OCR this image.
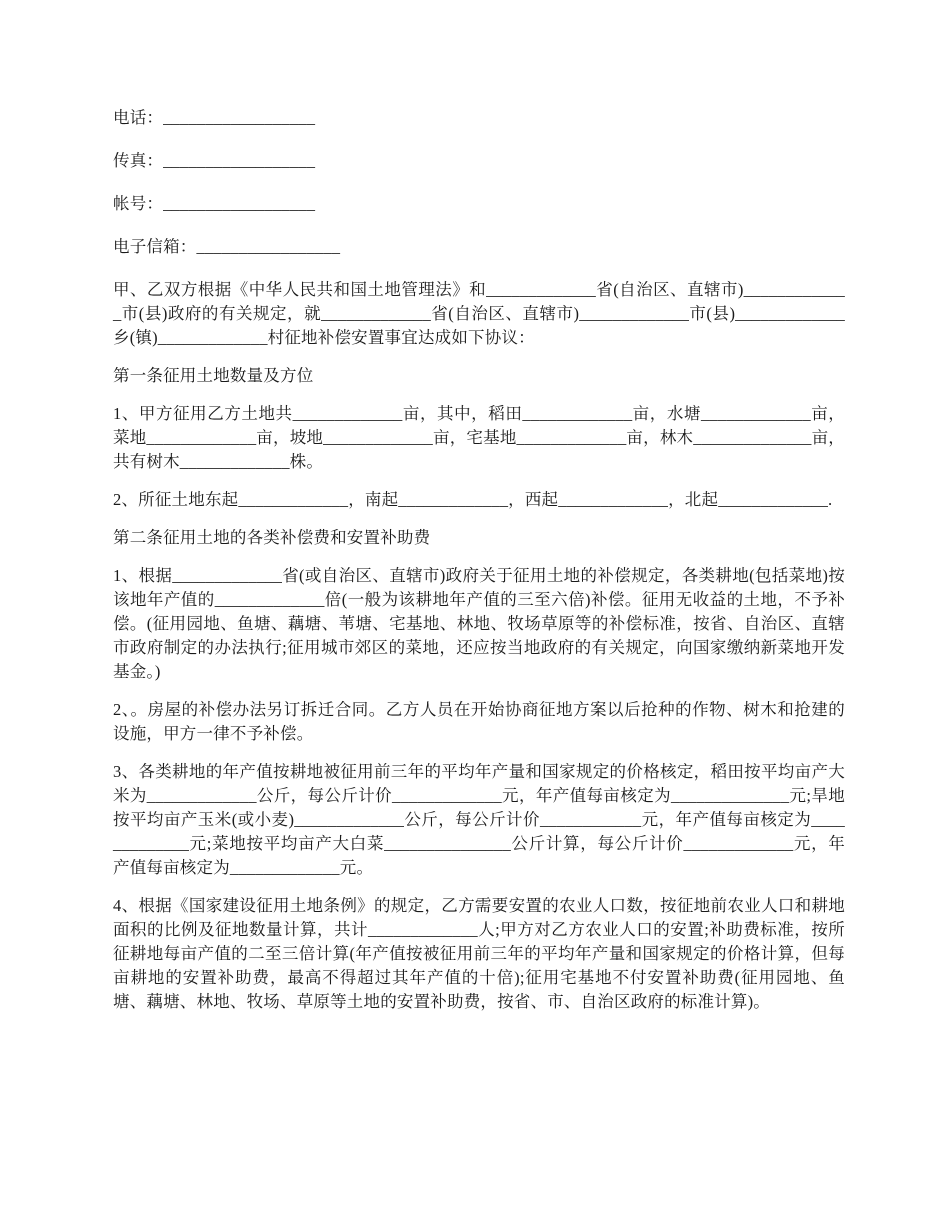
电话：__________________

传真：__________________

帐号：__________________

电子信箱：_________________

甲、乙双方根据《中华人民共和国土地管理法》和_____________省(自治区、直辖市)_____________市(县)政府的有关规定，就_____________省(自治区、直辖市)_____________市(县)_____________乡(镇)_____________村征地补偿安置事宜达成如下协议：

第一条征用土地数量及方位

1、甲方征用乙方土地共_____________亩，其中，稻田_____________亩，水塘_____________亩，菜地_____________亩，坡地_____________亩，宅基地_____________亩，林木______________亩，共有树木_____________株。

2、所征土地东起_____________，南起_____________，西起_____________，北起_____________.

第二条征用土地的各类补偿费和安置补助费

1、根据_____________省(或自治区、直辖市)政府关于征用土地的补偿规定，各类耕地(包括菜地)按该地年产值的_____________倍(一般为该耕地年产值的三至六倍)补偿。征用无收益的土地，不予补偿。(征用园地、鱼塘、藕塘、苇塘、宅基地、林地、牧场草原等的补偿标准，按省、自治区、直辖市政府制定的办法执行;征用城市郊区的菜地，还应按当地政府的有关规定，向国家缴纳新菜地开发基金。)

2、。房屋的补偿办法另订拆迁合同。乙方人员在开始协商征地方案以后抢种的作物、树木和抢建的设施，甲方一律不予补偿。

3、各类耕地的年产值按耕地被征用前三年的平均年产量和国家规定的价格核定，稻田按平均亩产大米为_____________公斤，每公斤计价_____________元，年产值每亩核定为______________元;旱地按平均亩产玉米(或小麦)_____________公斤，每公斤计价____________元，年产值每亩核定为_____________元;菜地按平均亩产大白菜_______________公斤计算，每公斤计价_____________元，年产值每亩核定为_____________元。

4、根据《国家建设征用土地条例》的规定，乙方需要安置的农业人口数，按征地前农业人口和耕地面积的比例及征地数量计算，共计_____________人;甲方对乙方农业人口的安置;补助费标准，按所征耕地每亩产值的二至三倍计算(年产值按被征用前三年的平均年产量和国家规定的价格计算，但每亩耕地的安置补助费，最高不得超过其年产值的十倍);征用宅基地不付安置补助费(征用园地、鱼塘、藕塘、林地、牧场、草原等土地的安置补助费，按省、市、自治区政府的标准计算)。
